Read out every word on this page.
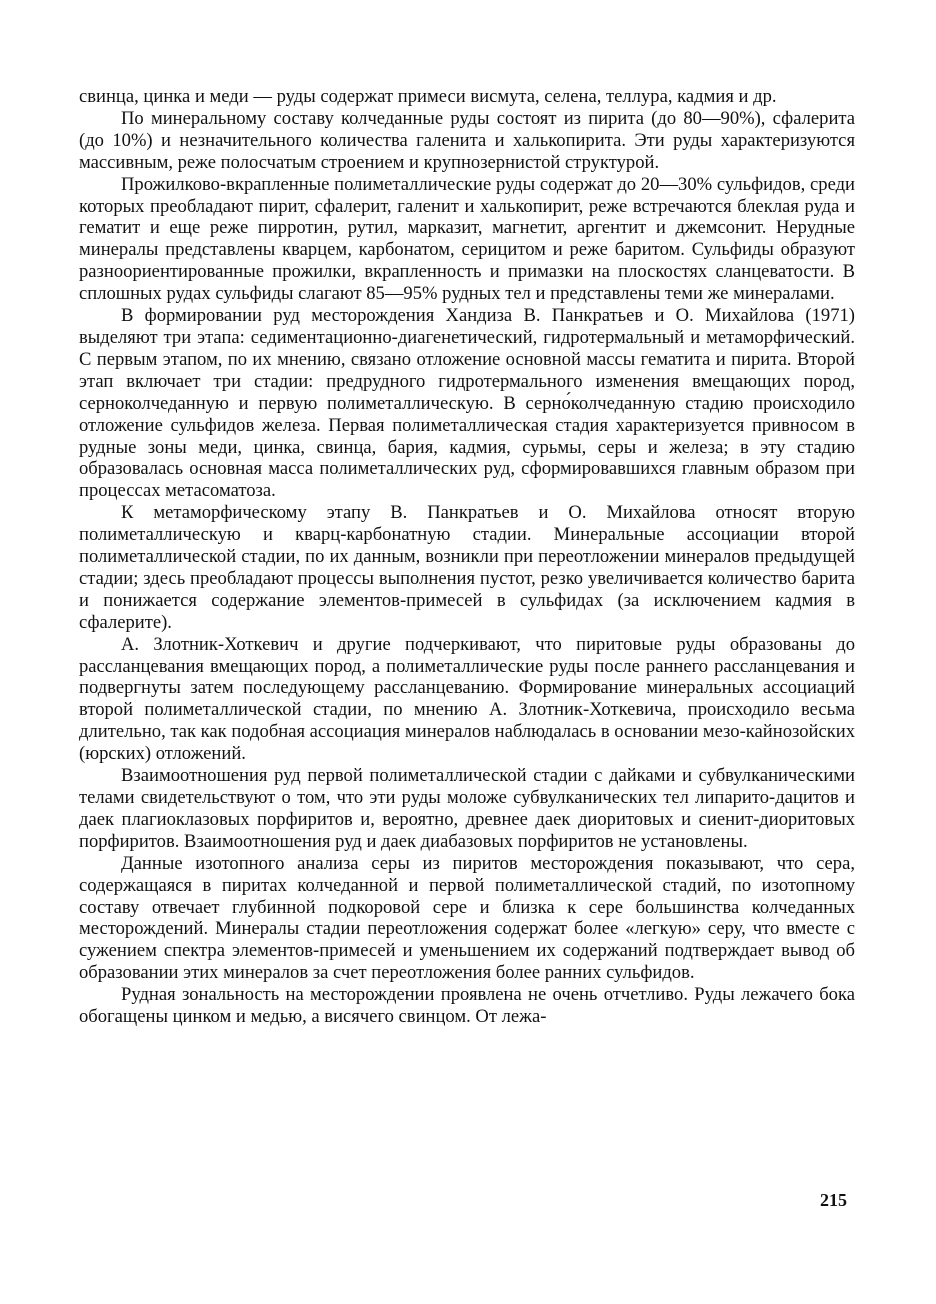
свинца, цинка и меди — руды содержат примеси висмута, селена, теллура, кадмия и др.

По минеральному составу колчеданные руды состоят из пирита (до 80—90%), сфалерита (до 10%) и незначительного количества галенита и халькопирита. Эти руды характеризуются массивным, реже полосчатым строением и крупнозернистой структурой.

Прожилково-вкрапленные полиметаллические руды содержат до 20—30% сульфидов, среди которых преобладают пирит, сфалерит, галенит и халькопирит, реже встречаются блеклая руда и гематит и еще реже пирротин, рутил, марказит, магнетит, аргентит и джемсонит. Нерудные минералы представлены кварцем, карбонатом, серицитом и реже баритом. Сульфиды образуют разноориентированные прожилки, вкрапленность и примазки на плоскостях сланцеватости. В сплошных рудах сульфиды слагают 85—95% рудных тел и представлены теми же минералами.

В формировании руд месторождения Хандиза В. Панкратьев и О. Михайлова (1971) выделяют три этапа: седиментационно-диагенетический, гидротермальный и метаморфический. С первым этапом, по их мнению, связано отложение основной массы гематита и пирита. Второй этап включает три стадии: предрудного гидротермального изменения вмещающих пород, серноколчеданную и первую полиметаллическую. В серно́колчеданную стадию происходило отложение сульфидов железа. Первая полиметаллическая стадия характеризуется привносом в рудные зоны меди, цинка, свинца, бария, кадмия, сурьмы, серы и железа; в эту стадию образовалась основная масса полиметаллических руд, сформировавшихся главным образом при процессах метасоматоза.

К метаморфическому этапу В. Панкратьев и О. Михайлова относят вторую полиметаллическую и кварц-карбонатную стадии. Минеральные ассоциации второй полиметаллической стадии, по их данным, возникли при переотложении минералов предыдущей стадии; здесь преобладают процессы выполнения пустот, резко увеличивается количество барита и понижается содержание элементов-примесей в сульфидах (за исключением кадмия в сфалерите).

А. Злотник-Хоткевич и другие подчеркивают, что пиритовые руды образованы до рассланцевания вмещающих пород, а полиметаллические руды после раннего рассланцевания и подвергнуты затем последующему рассланцеванию. Формирование минеральных ассоциаций второй полиметаллической стадии, по мнению А. Злотник-Хоткевича, происходило весьма длительно, так как подобная ассоциация минералов наблюдалась в основании мезо-кайнозойских (юрских) отложений.

Взаимоотношения руд первой полиметаллической стадии с дайками и субвулканическими телами свидетельствуют о том, что эти руды моложе субвулканических тел липарито-дацитов и даек плагиоклазовых порфиритов и, вероятно, древнее даек диоритовых и сиенит-диоритовых порфиритов. Взаимоотношения руд и даек диабазовых порфиритов не установлены.

Данные изотопного анализа серы из пиритов месторождения показывают, что сера, содержащаяся в пиритах колчеданной и первой полиметаллической стадий, по изотопному составу отвечает глубинной подкоровой сере и близка к сере большинства колчеданных месторождений. Минералы стадии переотложения содержат более «легкую» серу, что вместе с сужением спектра элементов-примесей и уменьшением их содержаний подтверждает вывод об образовании этих минералов за счет переотложения более ранних сульфидов.

Рудная зональность на месторождении проявлена не очень отчетливо. Руды лежачего бока обогащены цинком и медью, а висячего свинцом. От лежа-

215
